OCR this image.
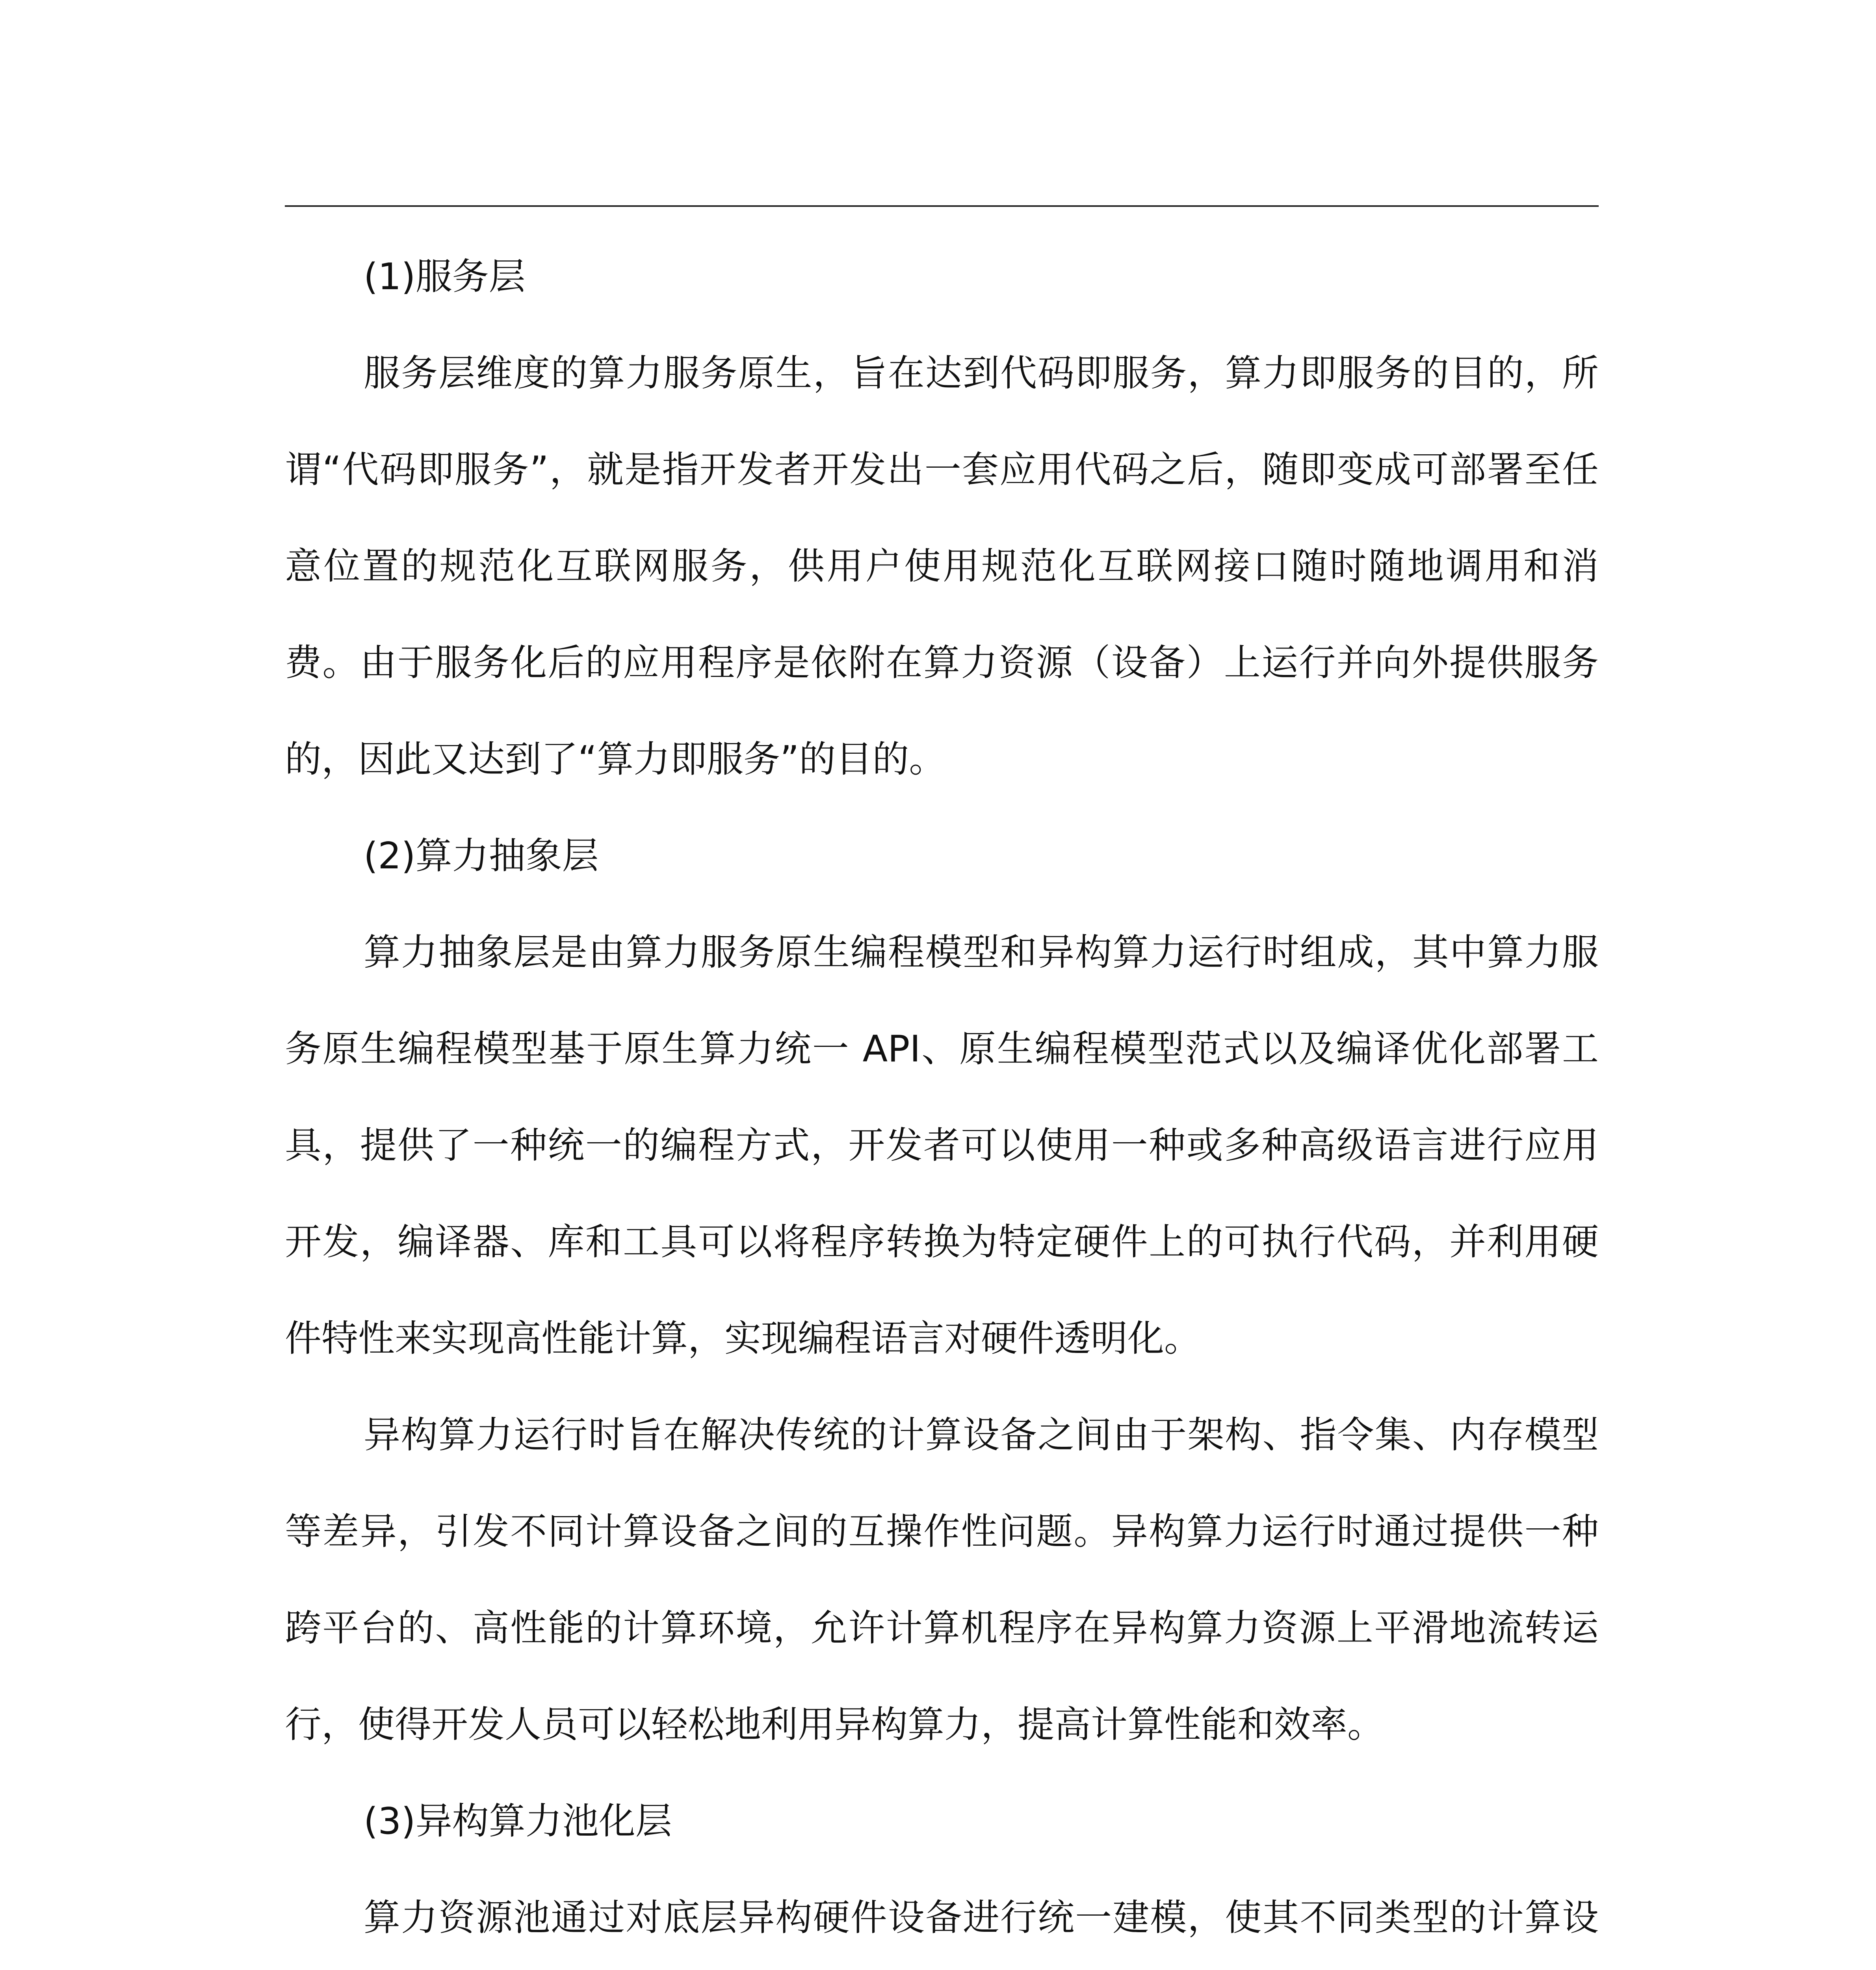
(1)服务层

服务层维度的算力服务原生，旨在达到代码即服务，算力即服务的目的，所谓“代码即服务”，就是指开发者开发出一套应用代码之后，随即变成可部署至任意位置的规范化互联网服务，供用户使用规范化互联网接口随时随地调用和消费。由于服务化后的应用程序是依附在算力资源（设备）上运行并向外提供服务的，因此又达到了“算力即服务”的目的。

(2)算力抽象层

算力抽象层是由算力服务原生编程模型和异构算力运行时组成，其中算力服务原生编程模型基于原生算力统一 API、原生编程模型范式以及编译优化部署工具，提供了一种统一的编程方式，开发者可以使用一种或多种高级语言进行应用开发，编译器、库和工具可以将程序转换为特定硬件上的可执行代码，并利用硬件特性来实现高性能计算，实现编程语言对硬件透明化。

异构算力运行时旨在解决传统的计算设备之间由于架构、指令集、内存模型等差异，引发不同计算设备之间的互操作性问题。异构算力运行时通过提供一种跨平台的、高性能的计算环境，允许计算机程序在异构算力资源上平滑地流转运行，使得开发人员可以轻松地利用异构算力，提高计算性能和效率。

(3)异构算力池化层

算力资源池通过对底层异构硬件设备进行统一建模，使其不同类型的计算设
